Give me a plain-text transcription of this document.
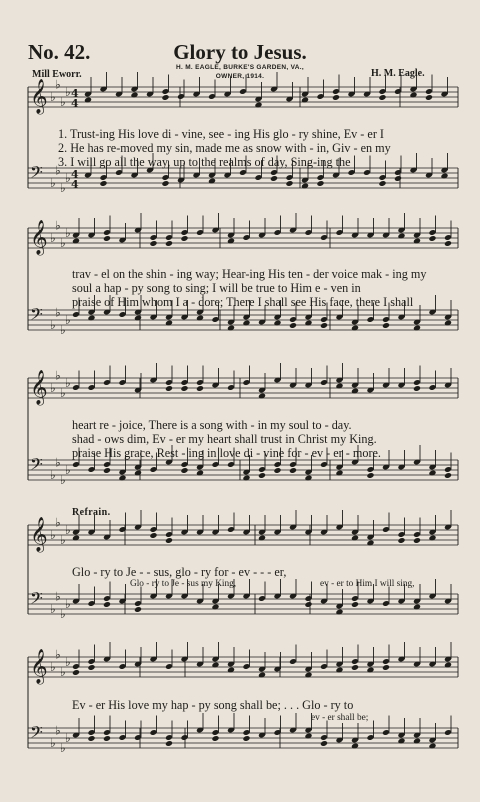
No. 42.	Glory to Jesus.
Mill Eworr.
H. M. EAGLE, BURKE'S GARDEN, VA.,
OWNER, 1914.	H. M. Eagle.
𝄞 ♭
♭
♭
♭ 4
4
𝄢 ♭
♭
♭
♭ 4
4
𝄞 ♭
♭
♭
♭
𝄢 ♭
♭
♭
♭
𝄞 ♭
♭
♭
♭
𝄢 ♭
♭
♭
♭
𝄞 ♭
♭
♭
♭
𝄢 ♭
♭
♭
♭
𝄞 ♭
♭
♭
♭
𝄢 ♭
♭
♭
♭
1. Trust-ing His love di - vine, see - ing His glo - ry shine, Ev - er I
2. He has re-moved my sin, made me as snow with - in, Giv - en my
3. I will go all the way, up to the realms of day, Sing-ing the
trav - el on the shin - ing way; Hear-ing His ten - der voice mak - ing my
soul a hap - py song to sing; I will be true to Him e - ven in
praise of Him whom I a - dore; There I shall see His face, there I shall
heart re - joice, There is a song with - in my soul to - day.
shad - ows dim, Ev - er my heart shall trust in Christ my King.
praise His grace, Rest - ing in love di - vine for - ev - er - more.
Refrain.
Glo - ry to Je - - sus, glo - ry for - ev - - - er,
Glo - ry to Je - sus my King,	ev - er to Him I will sing,
Ev - er His love my hap - py song shall be; . . . Glo - ry to
ev - er shall be;
